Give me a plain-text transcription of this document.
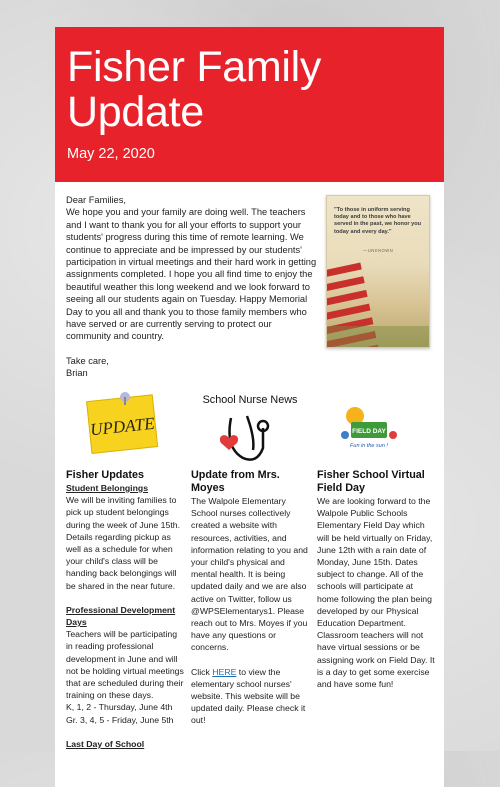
Fisher Family Update
May 22, 2020

Dear Families,

We hope you and your family are doing well. The teachers and I want to thank you for all your efforts to support your students' progress during this time of remote learning. We continue to appreciate and be impressed by our students' participation in virtual meetings and their hard work in getting assignments completed. I hope you all find time to enjoy the beautiful weather this long weekend and we look forward to seeing all our students again on Tuesday. Happy Memorial Day to you all and thank you to those family members who have served or are currently serving to protect our community and country.

Take care,

Brian

"To those in uniform serving today and to those who have served in the past, we honor you today and every day."
—UNKNOWN
UPDATE
School Nurse News
FIELD DAY
Fun in the sun !

Fisher Updates

Student Belongings

We will be inviting families to pick up student belongings during the week of June 15th. Details regarding pickup as well as a schedule for when your child's class will be handing back belongings will be shared in the near future.

Professional Development Days

Teachers will be participating in reading professional development in June and will not be holding virtual meetings that are scheduled during their training on these days.

K, 1, 2 - Thursday, June 4th

Gr. 3, 4, 5 - Friday, June 5th

Last Day of School

Update from Mrs. Moyes

The Walpole Elementary School nurses collectively created a website with resources, activities, and information relating to you and your child's physical and mental health. It is being updated daily and we are also active on Twitter, follow us @WPSElementarys1. Please reach out to Mrs. Moyes if you have any questions or concerns.

Click HERE to view the elementary school nurses' website. This website will be updated daily. Please check it out!

Fisher School Virtual Field Day

We are looking forward to the Walpole Public Schools Elementary Field Day which will be held virtually on Friday, June 12th with a rain date of Monday, June 15th. Dates subject to change. All of the schools will participate at home following the plan being developed by our Physical Education Department. Classroom teachers will not have virtual sessions or be assigning work on Field Day. It is a day to get some exercise and have some fun!
